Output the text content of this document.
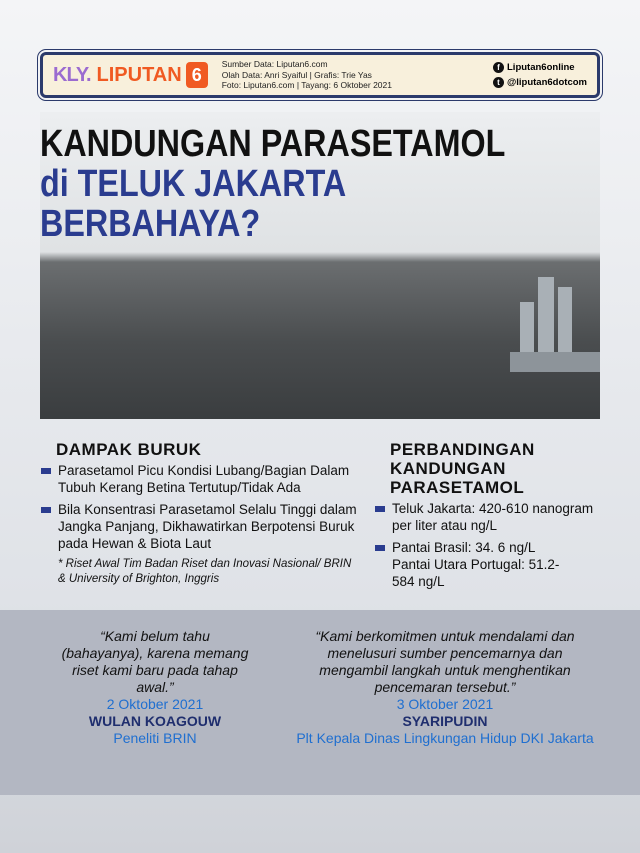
KLY. LIPUTAN 6
Sumber Data: Liputan6.com
Olah Data: Anri Syaiful | Grafis: Trie Yas
Foto: Liputan6.com | Tayang: 6 Oktober 2021
f Liputan6online
t @liputan6dotcom
KANDUNGAN PARASETAMOL
di TELUK JAKARTA
BERBAHAYA?
DAMPAK BURUK
Parasetamol Picu Kondisi Lubang/Bagian Dalam Tubuh Kerang Betina Tertutup/Tidak Ada
Bila Konsentrasi Parasetamol Selalu Tinggi dalam Jangka Panjang, Dikhawatirkan Berpotensi Buruk pada Hewan & Biota Laut
* Riset Awal Tim Badan Riset dan Inovasi Nasional/ BRIN & University of Brighton, Inggris
PERBANDINGAN KANDUNGAN PARASETAMOL
Teluk Jakarta: 420-610 nanogram per liter atau ng/L
Pantai Brasil: 34. 6 ng/L Pantai Utara Portugal: 51.2-584 ng/L
“Kami belum tahu (bahayanya), karena memang riset kami baru pada tahap awal.”
2 Oktober 2021
WULAN KOAGOUW
Peneliti BRIN
“Kami berkomitmen untuk mendalami dan menelusuri sumber pencemarnya dan mengambil langkah untuk menghentikan pencemaran tersebut.”
3 Oktober 2021
SYARIPUDIN
Plt Kepala Dinas Lingkungan Hidup DKI Jakarta
